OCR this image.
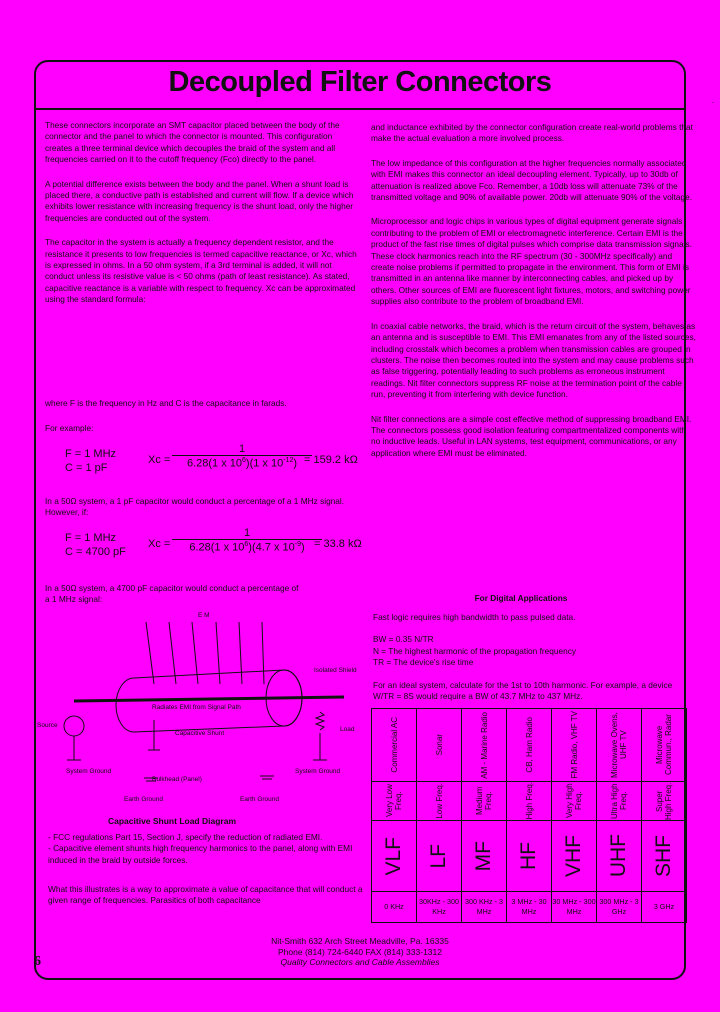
Decoupled Filter Connectors
-

These connectors incorporate an SMT capacitor placed between the body of the connector and the panel to which the connector is mounted. This configuration creates a three terminal device which decouples the braid of the system and all frequencies carried on it to the cutoff frequency (Fco) directly to the panel.

A potential difference exists between the body and the panel. When a shunt load is placed there, a conductive path is established and current will flow. If a device which exhibits lower resistance with increasing frequency is the shunt load, only the higher frequencies are conducted out of the system.

The capacitor in the system is actually a frequency dependent resistor, and the resistance it presents to low frequencies is termed capacitive reactance, or Xc, which is expressed in ohms. In a 50 ohm system, if a 3rd terminal is added, it will not conduct unless its resistive value is < 50 ohms (path of least resistance). As stated, capacitive reactance is a variable with respect to frequency. Xc can be approximated using the standard formula:

where F is the frequency in Hz and C is the capacitance in farads.
For example:
F = 1 MHz
C = 1 pF
$Xc = \frac{1}{6.28(1 x 10^6)(1 x 10^{-12})}$
= 159.2 kΩ
In a 50Ω system, a 1 pF capacitor would conduct a percentage of a 1 MHz signal. However, if:
F = 1 MHz
C = 4700 pF
$Xc = \frac{1}{6.28(1 x 10^6)(4.7 x 10^{-9})}$
= 33.8 kΩ
In a 50Ω system, a 4700 pF capacitor would conduct a percentage of a 1 MHz signal:
E M
Isolated Shield
Radiates EMI from Signal Path
Capacitive Shunt
Source
Load
System Ground	System Ground
Bulkhead (Panel)
Earth Ground	Earth Ground
Capacitive Shunt Load Diagram
- FCC regulations Part 15, Section J, specify the reduction of radiated EMI.
- Capacitive element shunts high frequency harmonics to the panel, along with EMI induced in the braid by outside forces.
What this illustrates is a way to approximate a value of capacitance that will conduct a given range of frequencies. Parasitics of both capacitance

and inductance exhibited by the connector configuration create real-world problems that make the actual evaluation a more involved process.

The low impedance of this configuration at the higher frequencies normally associated with EMI makes this connector an ideal decoupling element. Typically, up to 30db of attenuation is realized above Fco. Remember, a 10db loss will attenuate 73% of the transmitted voltage and 90% of available power. 20db will attenuate 90% of the voltage.

Microprocessor and logic chips in various types of digital equipment generate signals contributing to the problem of EMI or electromagnetic interference. Certain EMI is the product of the fast rise times of digital pulses which comprise data transmission signals. These clock harmonics reach into the RF spectrum (30 - 300MHz specifically) and create noise problems if permitted to propagate in the environment. This form of EMI is transmitted in an antenna like manner by interconnecting cables, and picked up by others. Other sources of EMI are fluorescent light fixtures, motors, and switching power supplies also contribute to the problem of broadband EMI.

In coaxial cable networks, the braid, which is the return circuit of the system, behaves as an antenna and is susceptible to EMI. This EMI emanates from any of the listed sources, including crosstalk which becomes a problem when transmission cables are grouped in clusters. The noise then becomes routed into the system and may cause problems such as false triggering, potentially leading to such problems as erroneous instrument readings. Nit filter connectors suppress RF noise at the termination point of the cable run, preventing it from interfering with device function.

Nit filter connections are a simple cost effective method of suppressing broadband EMI. The connectors possess good isolation featuring compartmentalized components with no inductive leads. Useful in LAN systems, test equipment, communications, or any application where EMI must be eliminated.

For Digital Applications

Fast logic requires high bandwidth to pass pulsed data.

BW = 0.35 N/TR
N = The highest harmonic of the propagation frequency
TR = The device's rise time

For an ideal system, calculate for the 1st to 10th harmonic. For example, a device W/TR = 8S would require a BW of 43.7 MHz to 437 MHz.

Commercial AC	Sonar	AM - Marine Radio	CB, Ham Radio	FM Radio, VHF TV	Microwave Ovens, UHF TV	Microwave Commun., Radar

Very Low Freq.	Low Freq.	Medium Freq.	High Freq.	Very High Freq.	Ultra High Freq.	Super High Freq.

VLF	LF	MF	HF	VHF	UHF	SHF

0 KHz	30KHz - 300 KHz	300 KHz - 3 MHz	3 MHz - 30 MHz	30 MHz - 300 MHz	300 MHz - 3 GHz	3 GHz
Nit-Smith 632 Arch Street Meadville, Pa. 16335
Phone (814) 724-6440 FAX (814) 333-1312
Quality Connectors and Cable Assemblies
6
